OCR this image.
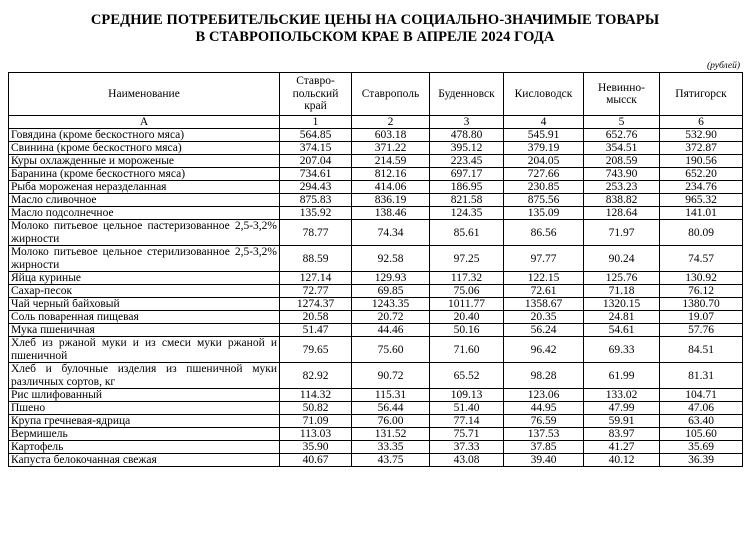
СРЕДНИЕ ПОТРЕБИТЕЛЬСКИЕ ЦЕНЫ НА СОЦИАЛЬНО-ЗНАЧИМЫЕ ТОВАРЫ
В СТАВРОПОЛЬСКОМ КРАЕ В АПРЕЛЕ 2024 ГОДА
(рублей)
Наименование	Ставро-польский край	Ставрополь	Буденновск	Кисловодск	Невинно-мысск	Пятигорск
А	1	2	3	4	5	6
Говядина (кроме бескостного мяса)	564.85	603.18	478.80	545.91	652.76	532.90
Свинина (кроме бескостного мяса)	374.15	371.22	395.12	379.19	354.51	372.87
Куры охлажденные и мороженые	207.04	214.59	223.45	204.05	208.59	190.56
Баранина (кроме бескостного мяса)	734.61	812.16	697.17	727.66	743.90	652.20
Рыба мороженая неразделанная	294.43	414.06	186.95	230.85	253.23	234.76
Масло сливочное	875.83	836.19	821.58	875.56	838.82	965.32
Масло подсолнечное	135.92	138.46	124.35	135.09	128.64	141.01
Молоко питьевое цельное пастеризованное 2,5-3,2% жирности	78.77	74.34	85.61	86.56	71.97	80.09
Молоко питьевое цельное стерилизованное 2,5-3,2% жирности	88.59	92.58	97.25	97.77	90.24	74.57
Яйца куриные	127.14	129.93	117.32	122.15	125.76	130.92
Сахар-песок	72.77	69.85	75.06	72.61	71.18	76.12
Чай черный байховый	1274.37	1243.35	1011.77	1358.67	1320.15	1380.70
Соль поваренная пищевая	20.58	20.72	20.40	20.35	24.81	19.07
Мука пшеничная	51.47	44.46	50.16	56.24	54.61	57.76
Хлеб из ржаной муки и из смеси муки ржаной и пшеничной	79.65	75.60	71.60	96.42	69.33	84.51
Хлеб и булочные изделия из пшеничной муки различных сортов, кг	82.92	90.72	65.52	98.28	61.99	81.31
Рис шлифованный	114.32	115.31	109.13	123.06	133.02	104.71
Пшено	50.82	56.44	51.40	44.95	47.99	47.06
Крупа гречневая-ядрица	71.09	76.00	77.14	76.59	59.91	63.40
Вермишель	113.03	131.52	75.71	137.53	83.97	105.60
Картофель	35.90	33.35	37.33	37.85	41.27	35.69
Капуста белокочанная свежая	40.67	43.75	43.08	39.40	40.12	36.39
